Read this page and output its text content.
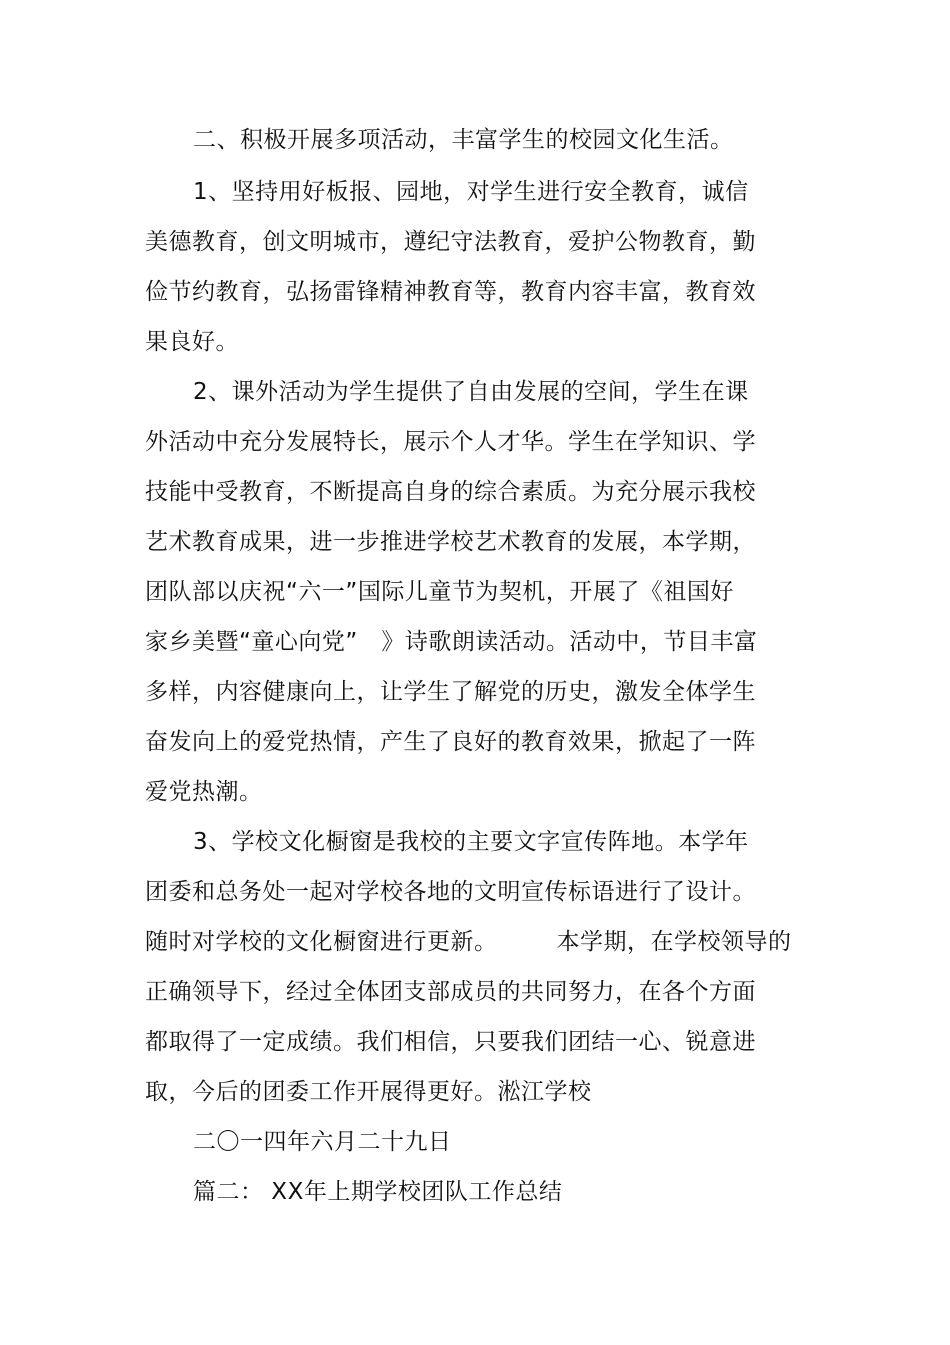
二、积极开展多项活动，丰富学生的校园文化生活。

1、坚持用好板报、园地，对学生进行安全教育，诚信

美德教育，创文明城市，遵纪守法教育，爱护公物教育，勤

俭节约教育，弘扬雷锋精神教育等，教育内容丰富，教育效

果良好。

2、课外活动为学生提供了自由发展的空间，学生在课

外活动中充分发展特长，展示个人才华。学生在学知识、学

技能中受教育，不断提高自身的综合素质。为充分展示我校

艺术教育成果，进一步推进学校艺术教育的发展，本学期，

团队部以庆祝“六一”国际儿童节为契机，开展了《祖国好

家乡美暨“童心向党”　》诗歌朗读活动。活动中，节目丰富

多样，内容健康向上，让学生了解党的历史，激发全体学生

奋发向上的爱党热情，产生了良好的教育效果，掀起了一阵

爱党热潮。

3、学校文化橱窗是我校的主要文字宣传阵地。本学年

团委和总务处一起对学校各地的文明宣传标语进行了设计。

随时对学校的文化橱窗进行更新。　　　本学期，在学校领导的

正确领导下，经过全体团支部成员的共同努力，在各个方面

都取得了一定成绩。我们相信，只要我们团结一心、锐意进

取，今后的团委工作开展得更好。淞江学校

二〇一四年六月二十九日

篇二： XX年上期学校团队工作总结
